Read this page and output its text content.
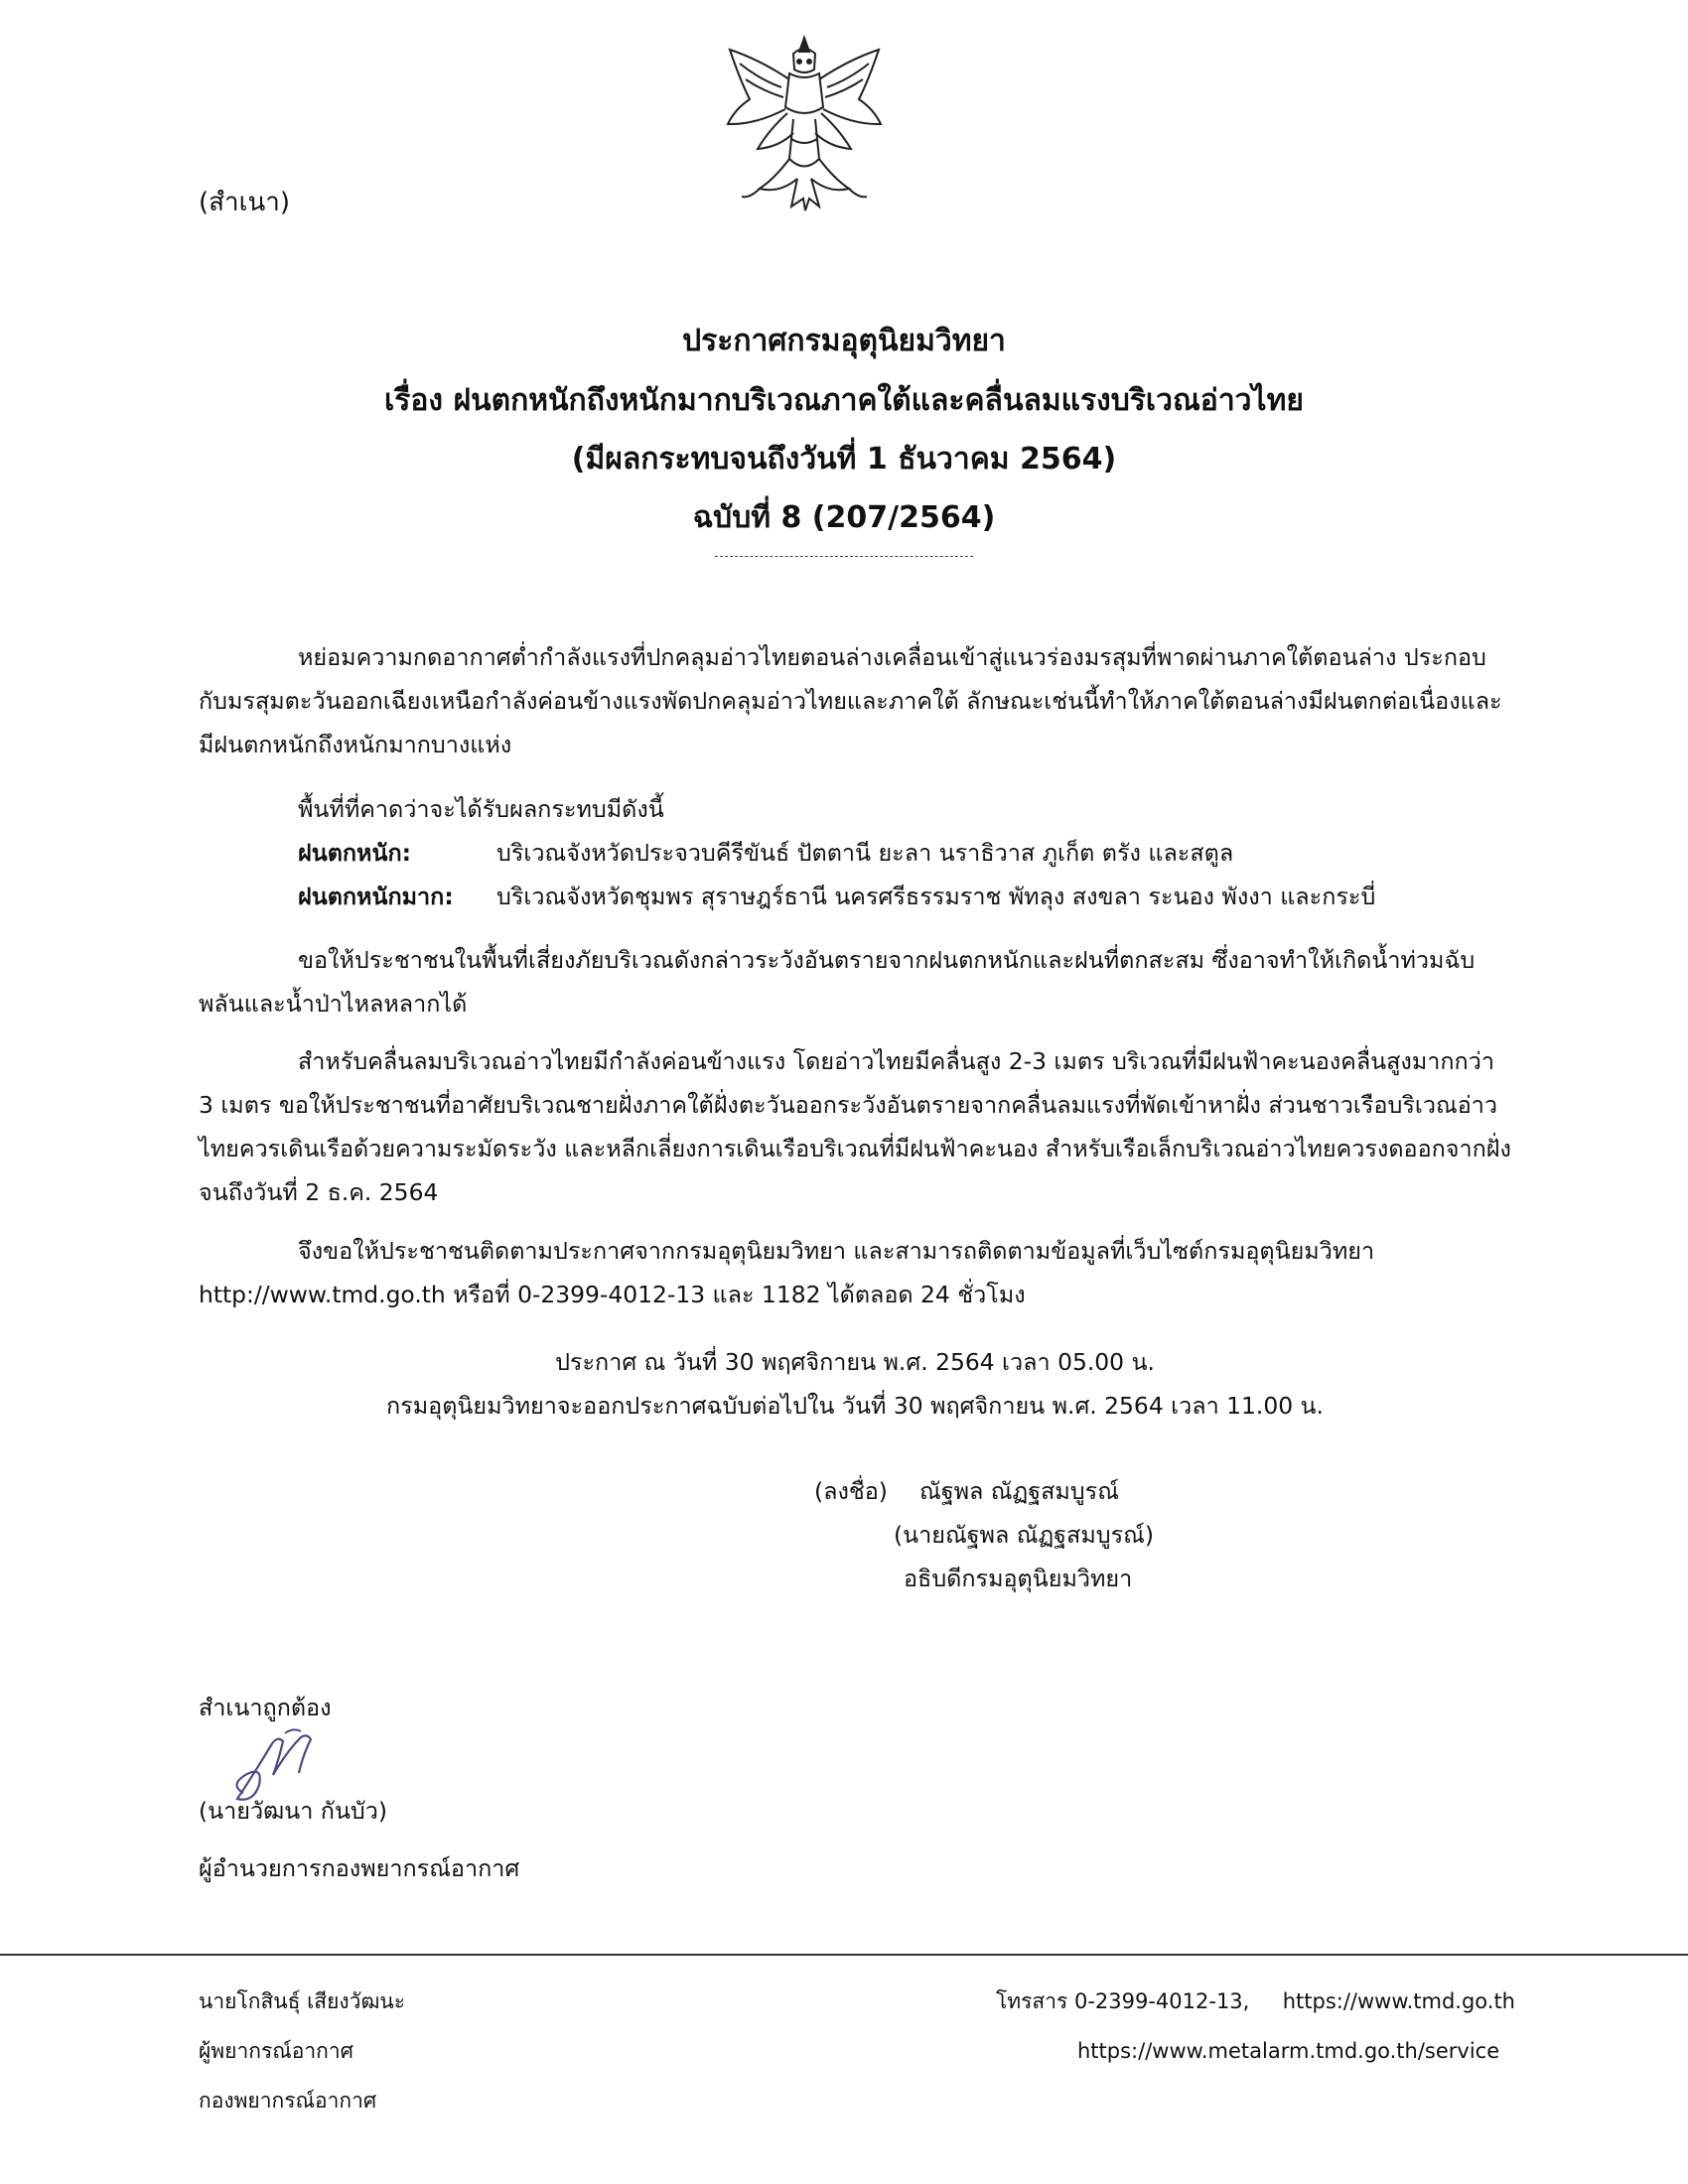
(สำเนา)
ประกาศกรมอุตุนิยมวิทยา
เรื่อง ฝนตกหนักถึงหนักมากบริเวณภาคใต้และคลื่นลมแรงบริเวณอ่าวไทย
(มีผลกระทบจนถึงวันที่ 1 ธันวาคม 2564)
ฉบับที่ 8 (207/2564)
หย่อมความกดอากาศต่ำกำลังแรงที่ปกคลุมอ่าวไทยตอนล่างเคลื่อนเข้าสู่แนวร่องมรสุมที่พาดผ่านภาคใต้ตอนล่าง ประกอบกับมรสุมตะวันออกเฉียงเหนือกำลังค่อนข้างแรงพัดปกคลุมอ่าวไทยและภาคใต้ ลักษณะเช่นนี้ทำให้ภาคใต้ตอนล่างมีฝนตกต่อเนื่องและมีฝนตกหนักถึงหนักมากบางแห่ง
พื้นที่ที่คาดว่าจะได้รับผลกระทบมีดังนี้
ฝนตกหนัก:	บริเวณจังหวัดประจวบคีรีขันธ์ ปัตตานี ยะลา นราธิวาส ภูเก็ต ตรัง และสตูล
ฝนตกหนักมาก: บริเวณจังหวัดชุมพร สุราษฎร์ธานี นครศรีธรรมราช พัทลุง สงขลา ระนอง พังงา และกระบี่
ขอให้ประชาชนในพื้นที่เสี่ยงภัยบริเวณดังกล่าวระวังอันตรายจากฝนตกหนักและฝนที่ตกสะสม ซึ่งอาจทำให้เกิดน้ำท่วมฉับพลันและน้ำป่าไหลหลากได้
สำหรับคลื่นลมบริเวณอ่าวไทยมีกำลังค่อนข้างแรง โดยอ่าวไทยมีคลื่นสูง 2-3 เมตร บริเวณที่มีฝนฟ้าคะนองคลื่นสูงมากกว่า 3 เมตร ขอให้ประชาชนที่อาศัยบริเวณชายฝั่งภาคใต้ฝั่งตะวันออกระวังอันตรายจากคลื่นลมแรงที่พัดเข้าหาฝั่ง ส่วนชาวเรือบริเวณอ่าวไทยควรเดินเรือด้วยความระมัดระวัง และหลีกเลี่ยงการเดินเรือบริเวณที่มีฝนฟ้าคะนอง สำหรับเรือเล็กบริเวณอ่าวไทยควรงดออกจากฝั่งจนถึงวันที่ 2 ธ.ค. 2564
จึงขอให้ประชาชนติดตามประกาศจากกรมอุตุนิยมวิทยา และสามารถติดตามข้อมูลที่เว็บไซต์กรมอุตุนิยมวิทยา http://www.tmd.go.th หรือที่ 0-2399-4012-13 และ 1182 ได้ตลอด 24 ชั่วโมง
ประกาศ ณ วันที่ 30 พฤศจิกายน พ.ศ. 2564 เวลา 05.00 น.
กรมอุตุนิยมวิทยาจะออกประกาศฉบับต่อไปใน วันที่ 30 พฤศจิกายน พ.ศ. 2564 เวลา 11.00 น.
(ลงชื่อ) ณัฐพล ณัฏฐสมบูรณ์
(นายณัฐพล ณัฏฐสมบูรณ์)
อธิบดีกรมอุตุนิยมวิทยา
สำเนาถูกต้อง
(นายวัฒนา กันบัว)
ผู้อำนวยการกองพยากรณ์อากาศ
นายโกสินธุ์ เสียงวัฒนะ
ผู้พยากรณ์อากาศ
กองพยากรณ์อากาศ
โทรสาร 0-2399-4012-13,     https://www.tmd.go.th
https://www.metalarm.tmd.go.th/service
